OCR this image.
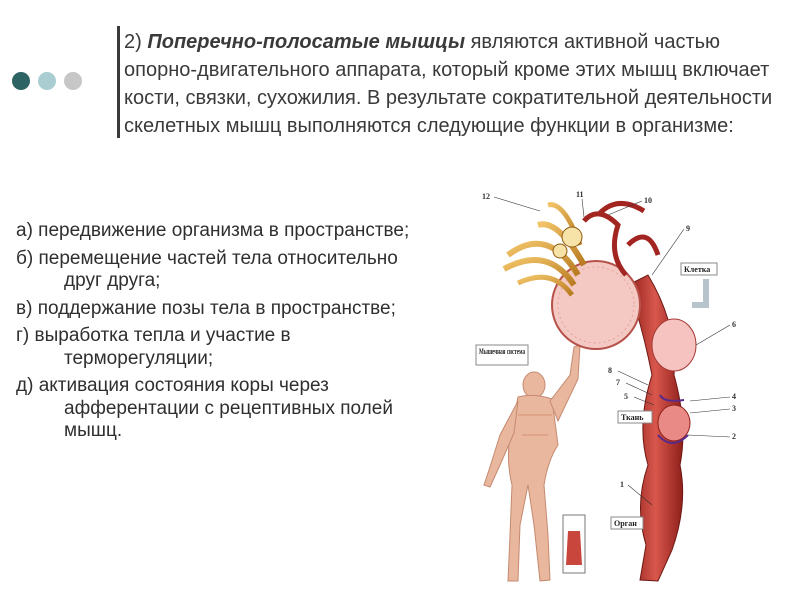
2) Поперечно-полосатые мышцы являются активной частью опорно-двигательного аппарата, который кроме этих мышц включает кости, связки, сухожилия. В результате сократительной деятельности скелетных мышц выполняются следующие функции в организме:

а) передвижение организма в пространстве;
б) перемещение частей тела относительно друг друга;
в) поддержание позы тела в пространстве;
г) выработка тепла и участие в терморегуляции;
д) активация состояния коры через афферентации с рецептивных полей мышц.
Мышечная система
Клетка
Ткань
Орган
12	11
10
9
6
8
7
5	4
3
2
1
